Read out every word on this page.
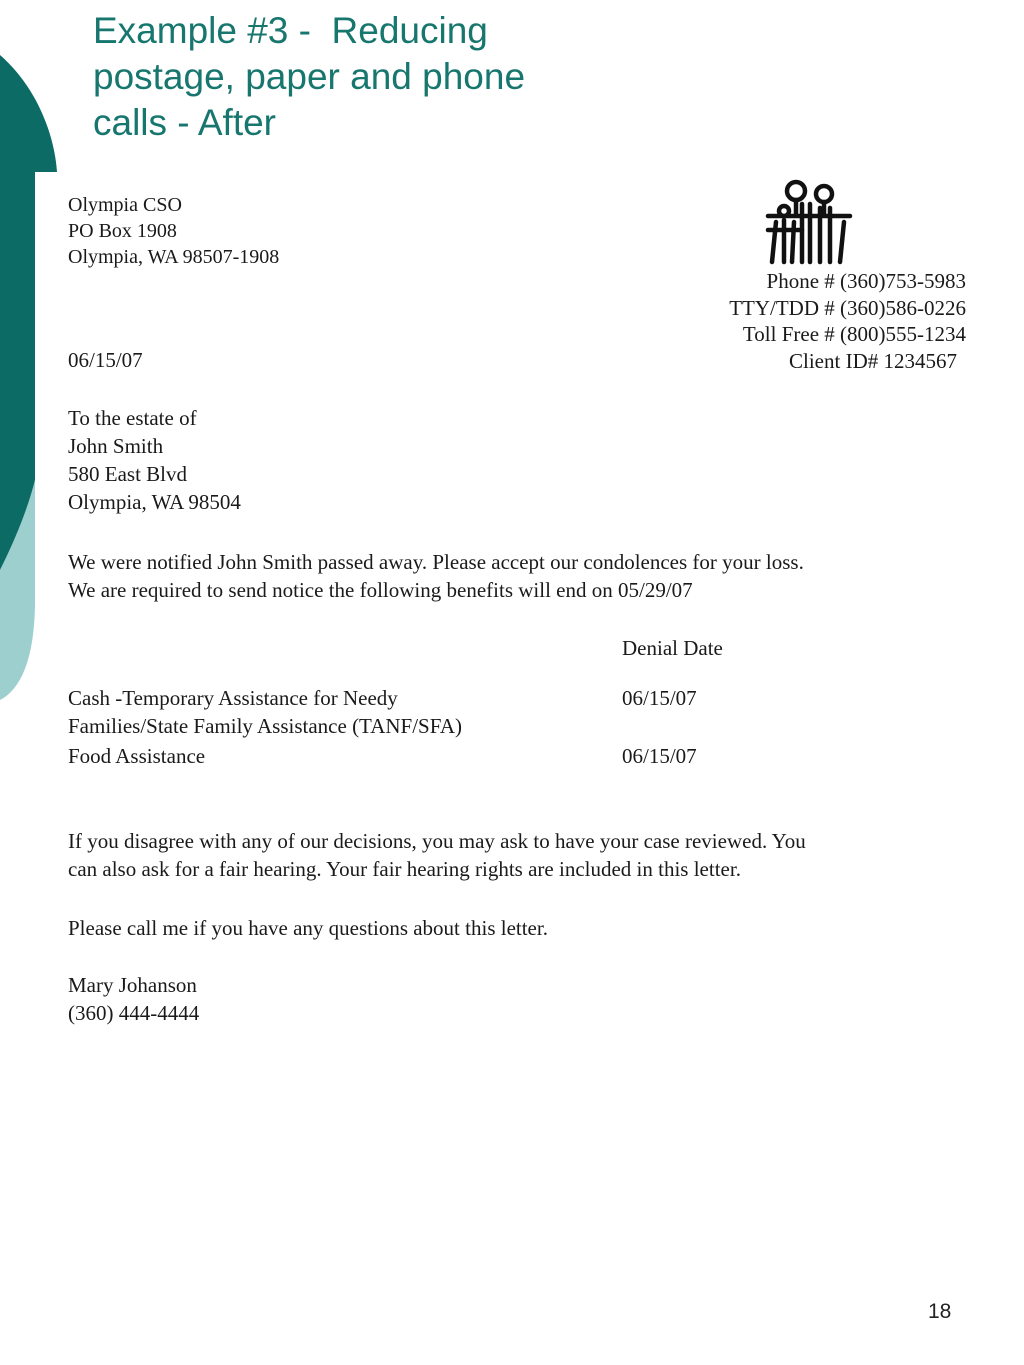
Example #3 -  Reducing
postage, paper and phone
calls - After
Olympia CSO
PO Box 1908
Olympia, WA 98507-1908
Phone # (360)753-5983
TTY/TDD # (360)586-0226
Toll Free # (800)555-1234
Client ID# 1234567
06/15/07
To the estate of
John Smith
580 East Blvd
Olympia, WA 98504
We were notified John Smith passed away. Please accept our condolences for your loss.
We are required to send notice the following benefits will end on 05/29/07
Denial Date
Cash -Temporary Assistance for Needy
Families/State Family Assistance (TANF/SFA)
06/15/07
Food Assistance	06/15/07
If you disagree with any of our decisions, you may ask to have your case reviewed. You
can also ask for a fair hearing. Your fair hearing rights are included in this letter.
Please call me if you have any questions about this letter.
Mary Johanson
(360) 444-4444
18
